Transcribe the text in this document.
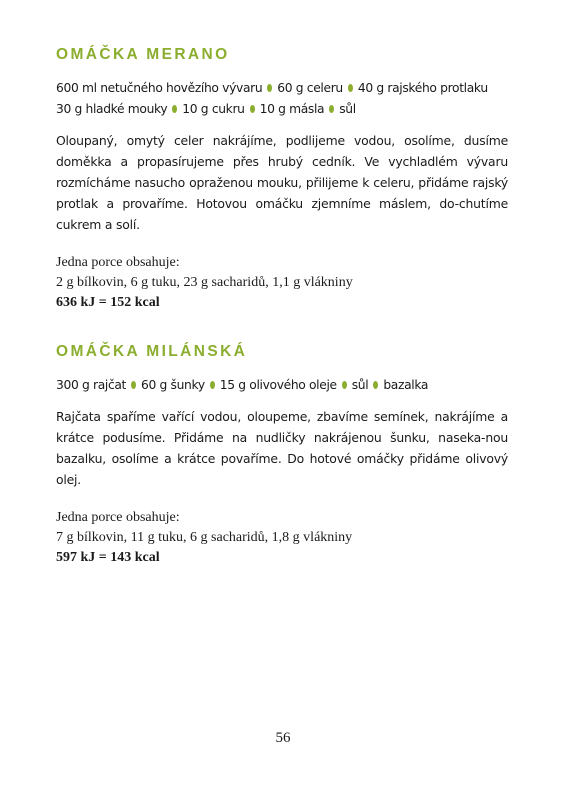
OMÁČKA MERANO
600 ml netučného hovězího vývaru 60 g celeru 40 g rajského protlaku
30 g hladké mouky 10 g cukru 10 g másla sůl

Oloupaný, omytý celer nakrájíme, podlijeme vodou, osolíme, dusíme doměkka a propasírujeme přes hrubý cedník. Ve vychladlém vývaru rozmícháme nasucho opraženou mouku, přilijeme k celeru, přidáme rajský protlak a provaříme. Hotovou omáčku zjemníme máslem, do-chutíme cukrem a solí.

Jedna porce obsahuje:
2 g bílkovin, 6 g tuku, 23 g sacharidů, 1,1 g vlákniny
636 kJ = 152 kcal
OMÁČKA MILÁNSKÁ
300 g rajčat 60 g šunky 15 g olivového oleje sůl bazalka

Rajčata spaříme vařící vodou, oloupeme, zbavíme semínek, nakrájíme a krátce podusíme. Přidáme na nudličky nakrájenou šunku, naseka-nou bazalku, osolíme a krátce povaříme. Do hotové omáčky přidáme olivový olej.

Jedna porce obsahuje:
7 g bílkovin, 11 g tuku, 6 g sacharidů, 1,8 g vlákniny
597 kJ = 143 kcal
56
